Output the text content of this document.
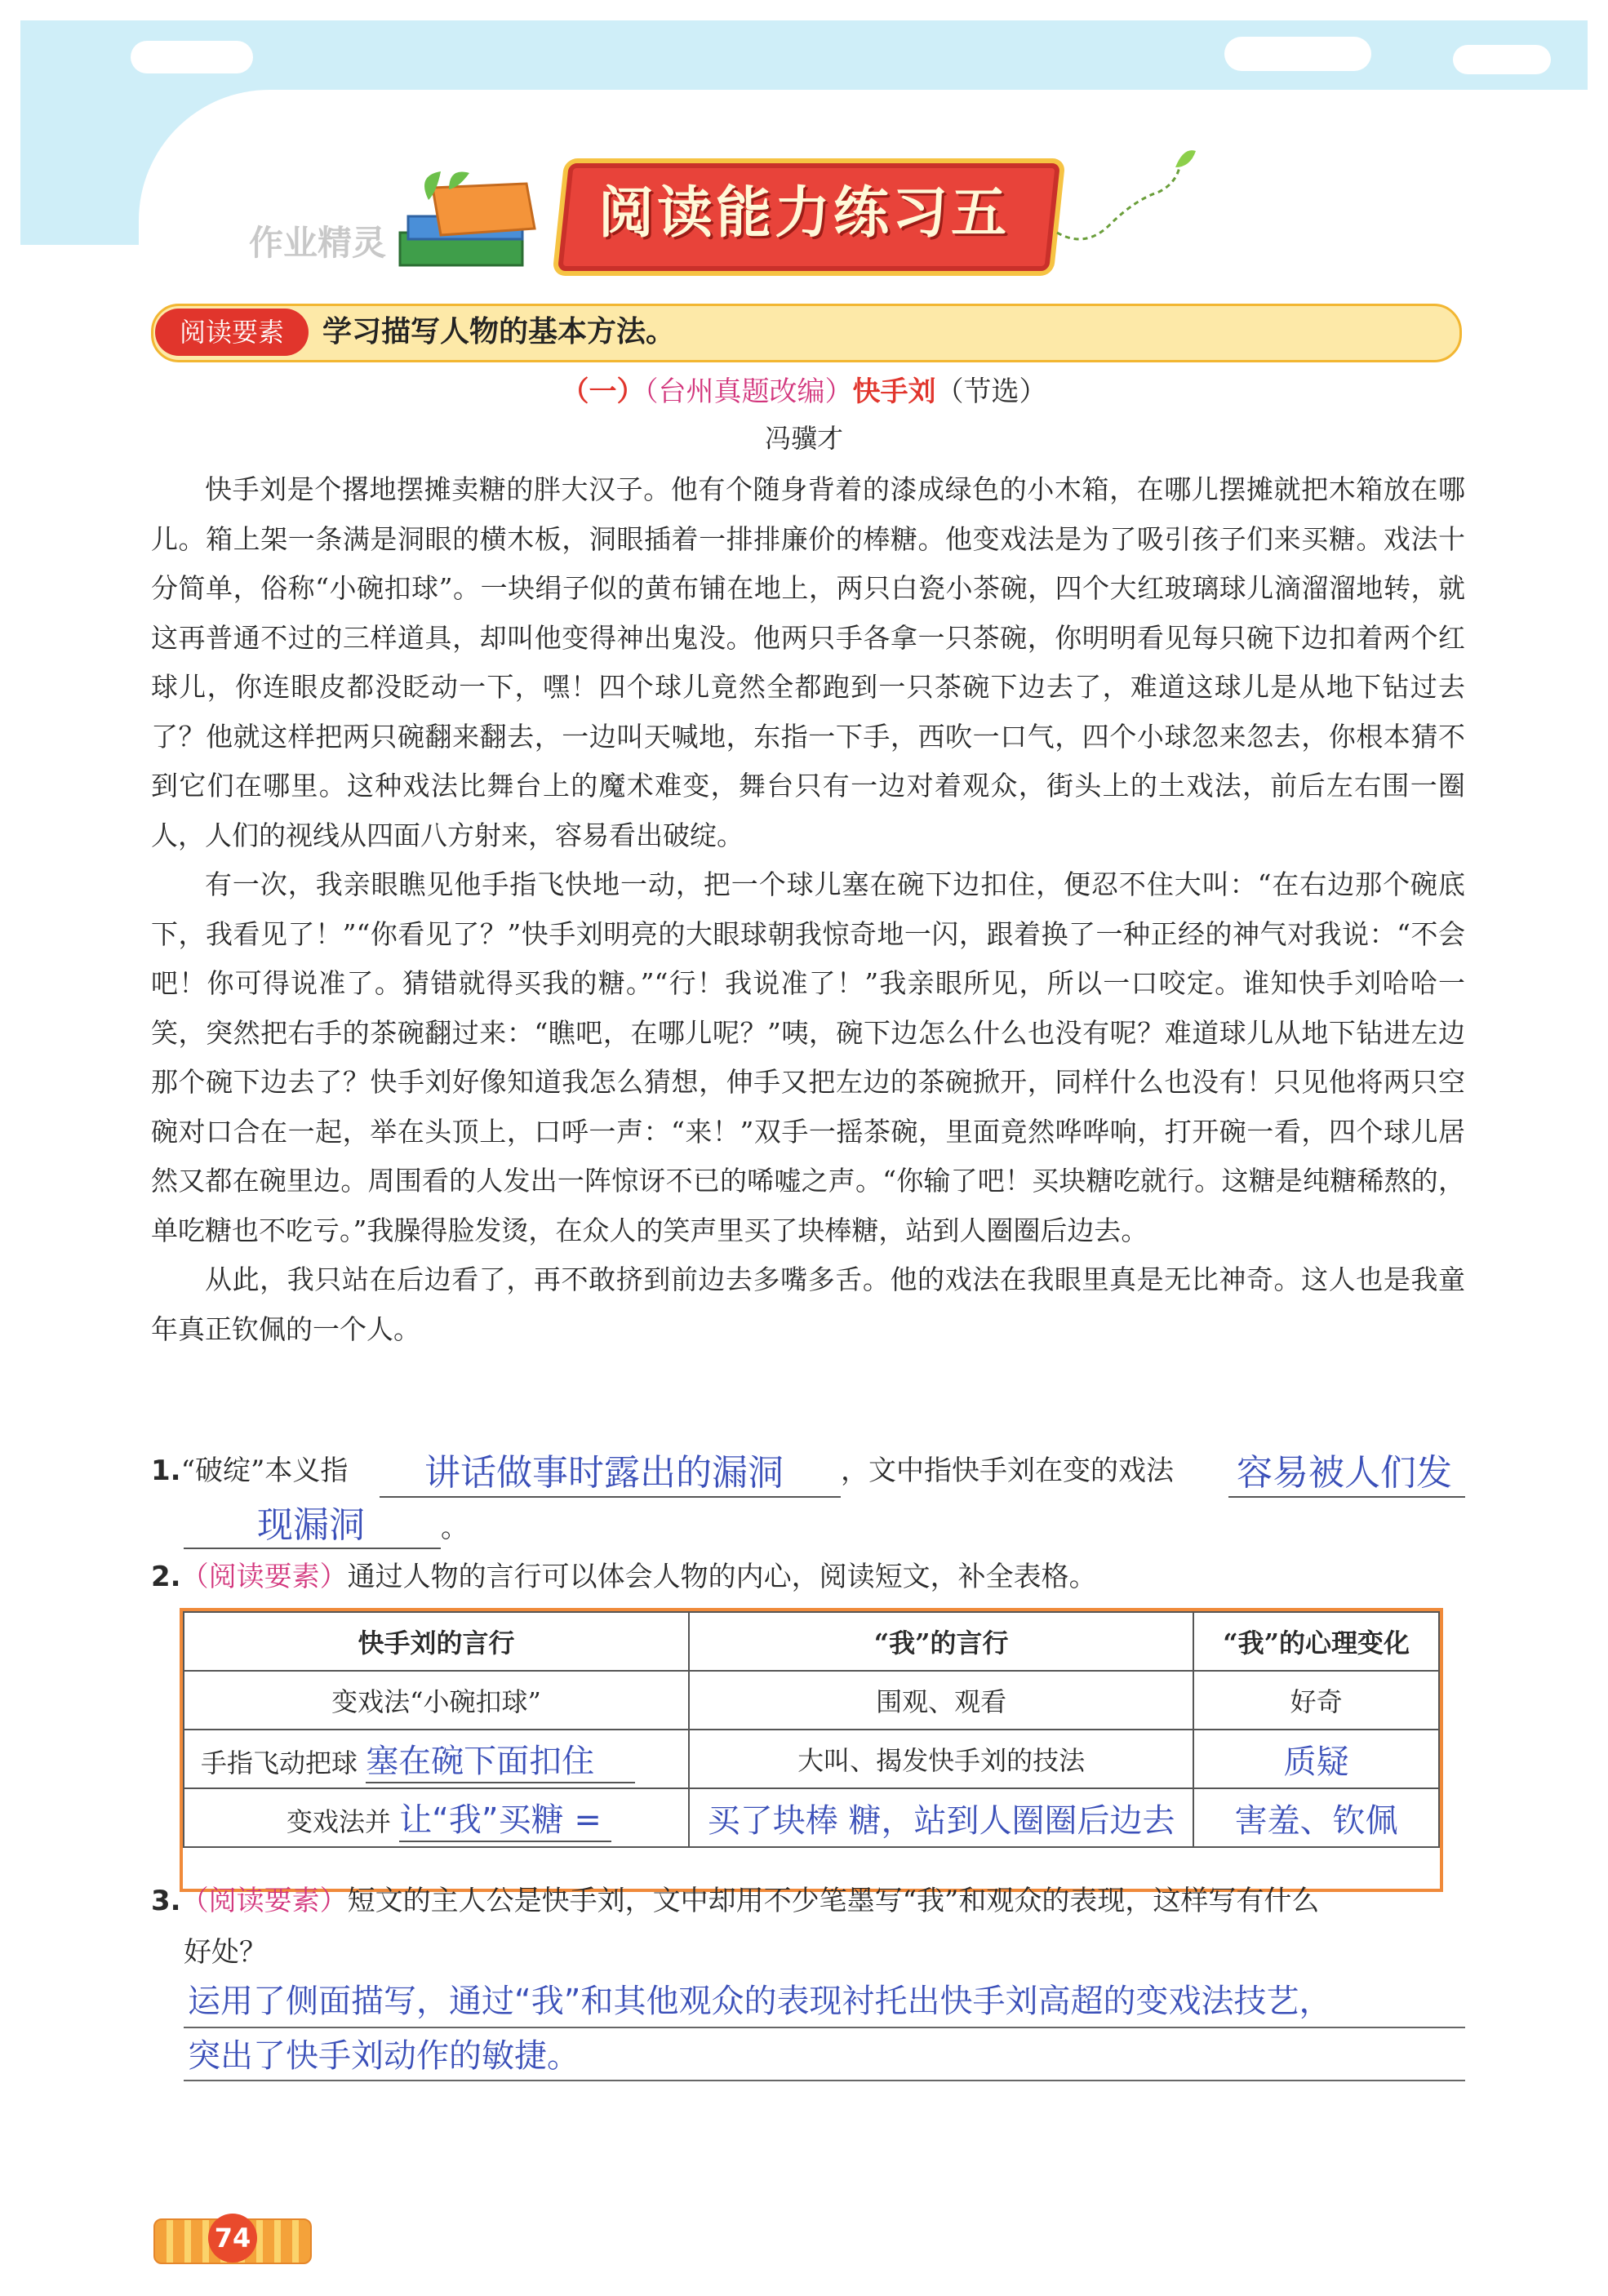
作业精灵	阅读能力练习五
阅读要素	学习描写人物的基本方法。
（一）（台州真题改编）快手刘（节选）
冯骥才

快手刘是个撂地摆摊卖糖的胖大汉子。他有个随身背着的漆成绿色的小木箱，在哪儿摆摊就把木箱放在哪儿。箱上架一条满是洞眼的横木板，洞眼插着一排排廉价的棒糖。他变戏法是为了吸引孩子们来买糖。戏法十分简单，俗称“小碗扣球”。一块绢子似的黄布铺在地上，两只白瓷小茶碗，四个大红玻璃球儿滴溜溜地转，就这再普通不过的三样道具，却叫他变得神出鬼没。他两只手各拿一只茶碗，你明明看见每只碗下边扣着两个红球儿，你连眼皮都没眨动一下，嘿！四个球儿竟然全都跑到一只茶碗下边去了，难道这球儿是从地下钻过去了？他就这样把两只碗翻来翻去，一边叫天喊地，东指一下手，西吹一口气，四个小球忽来忽去，你根本猜不到它们在哪里。这种戏法比舞台上的魔术难变，舞台只有一边对着观众，街头上的土戏法，前后左右围一圈人，人们的视线从四面八方射来，容易看出破绽。

有一次，我亲眼瞧见他手指飞快地一动，把一个球儿塞在碗下边扣住，便忍不住大叫：“在右边那个碗底下，我看见了！”“你看见了？”快手刘明亮的大眼球朝我惊奇地一闪，跟着换了一种正经的神气对我说：“不会吧！你可得说准了。猜错就得买我的糖。”“行！我说准了！”我亲眼所见，所以一口咬定。谁知快手刘哈哈一笑，突然把右手的茶碗翻过来：“瞧吧，在哪儿呢？”咦，碗下边怎么什么也没有呢？难道球儿从地下钻进左边那个碗下边去了？快手刘好像知道我怎么猜想，伸手又把左边的茶碗掀开，同样什么也没有！只见他将两只空碗对口合在一起，举在头顶上，口呼一声：“来！”双手一摇茶碗，里面竟然哗哗响，打开碗一看，四个球儿居然又都在碗里边。周围看的人发出一阵惊讶不已的唏嘘之声。“你输了吧！买块糖吃就行。这糖是纯糖稀熬的，单吃糖也不吃亏。”我臊得脸发烫，在众人的笑声里买了块棒糖，站到人圈圈后边去。

从此，我只站在后边看了，再不敢挤到前边去多嘴多舌。他的戏法在我眼里真是无比神奇。这人也是我童年真正钦佩的一个人。

1.“破绽”本义指	讲话做事时露出的漏洞 ，文中指快手刘在变的戏法 容易被人们发
现漏洞	。
2.（阅读要素）通过人物的言行可以体会人物的内心，阅读短文，补全表格。
快手刘的言行	“我”的言行	“我”的心理变化
变戏法“小碗扣球”	围观、观看	好奇
手指飞动把球 塞在碗下面扣住	大叫、揭发快手刘的技法	质疑
变戏法并 让“我”买糖 =	买了块棒 糖，站到人圈圈后边去	害羞、钦佩
3.（阅读要素）短文的主人公是快手刘，文中却用不少笔墨写“我”和观众的表现，这样写有什么
好处？
运用了侧面描写，通过“我”和其他观众的表现衬托出快手刘高超的变戏法技艺，
突出了快手刘动作的敏捷。
74
